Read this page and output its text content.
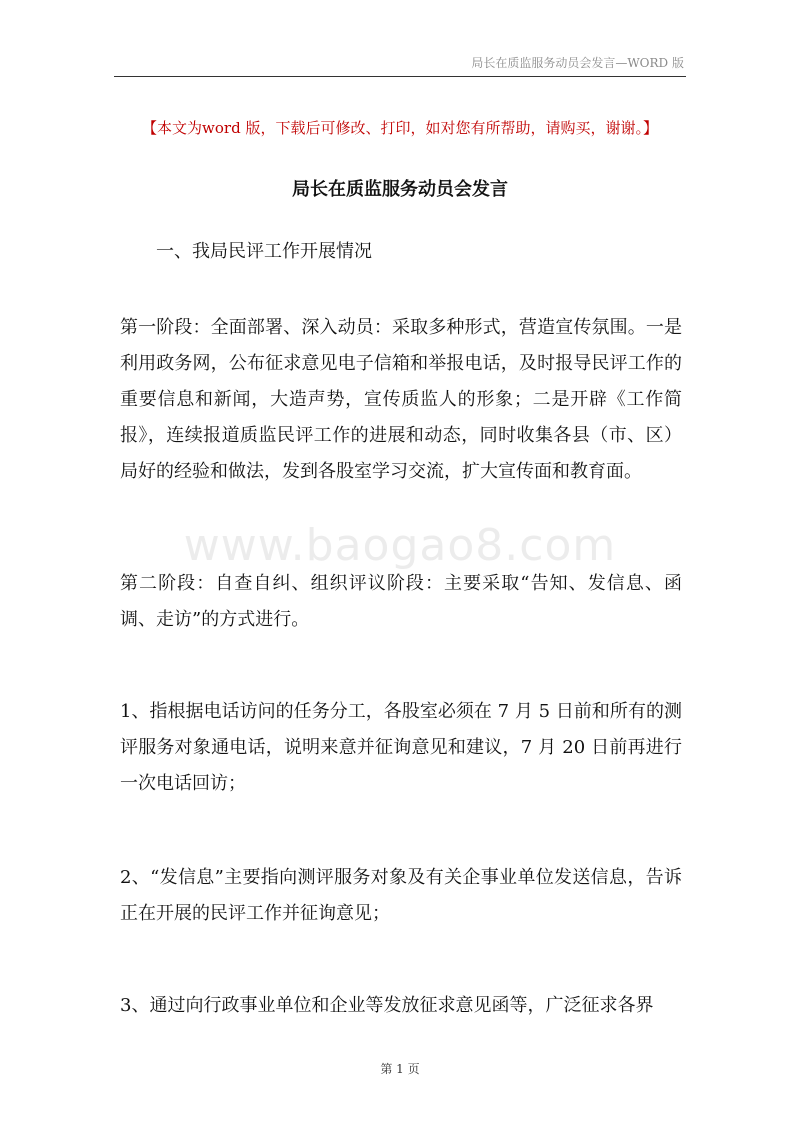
局长在质监服务动员会发言—WORD 版
【本文为word 版，下载后可修改、打印，如对您有所帮助，请购买，谢谢。】
局长在质监服务动员会发言
一、我局民评工作开展情况
第一阶段：全面部署、深入动员：采取多种形式，营造宣传氛围。一是利用政务网，公布征求意见电子信箱和举报电话，及时报导民评工作的重要信息和新闻，大造声势，宣传质监人的形象；二是开辟《工作简报》，连续报道质监民评工作的进展和动态，同时收集各县（市、区）局好的经验和做法，发到各股室学习交流，扩大宣传面和教育面。
www.baogao8.com
第二阶段：自查自纠、组织评议阶段：主要采取“告知、发信息、函调、走访”的方式进行。
1、指根据电话访问的任务分工，各股室必须在 7 月 5 日前和所有的测评服务对象通电话，说明来意并征询意见和建议，7 月 20 日前再进行一次电话回访；
2、“发信息”主要指向测评服务对象及有关企事业单位发送信息，告诉正在开展的民评工作并征询意见；
3、通过向行政事业单位和企业等发放征求意见函等，广泛征求各界
第 1 页
